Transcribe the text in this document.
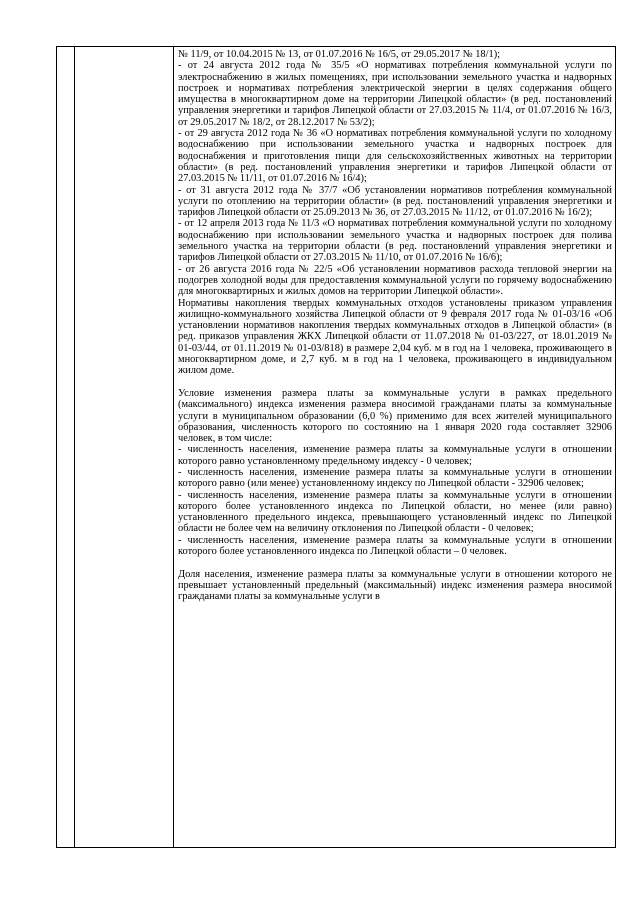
№ 11/9, от 10.04.2015 № 13, от 01.07.2016 № 16/5, от 29.05.2017 № 18/1);

- от 24 августа 2012 года № 35/5 «О нормативах потребления коммунальной услуги по электроснабжению в жилых помещениях, при использовании земельного участка и надворных построек и нормативах потребления электрической энергии в целях содержания общего имущества в многоквартирном доме на территории Липецкой области» (в ред. постановлений управления энергетики и тарифов Липецкой области от 27.03.2015 № 11/4, от 01.07.2016 № 16/3, от 29.05.2017 № 18/2, от 28.12.2017 № 53/2);

- от 29 августа 2012 года № 36 «О нормативах потребления коммунальной услуги по холодному водоснабжению при использовании земельного участка и надворных построек для водоснабжения и приготовления пищи для сельскохозяйственных животных на территории области» (в ред. постановлений управления энергетики и тарифов Липецкой области от 27.03.2015 № 11/11, от 01.07.2016 № 16/4);

- от 31 августа 2012 года № 37/7 «Об установлении нормативов потребления коммунальной услуги по отоплению на территории области» (в ред. постановлений управления энергетики и тарифов Липецкой области от 25.09.2013 № 36, от 27.03.2015 № 11/12, от 01.07.2016 № 16/2);

- от 12 апреля 2013 года № 11/3 «О нормативах потребления коммунальной услуги по холодному водоснабжению при использовании земельного участка и надворных построек для полива земельного участка на территории области (в ред. постановлений управления энергетики и тарифов Липецкой области от 27.03.2015 № 11/10, от 01.07.2016 № 16/6);

- от 26 августа 2016 года № 22/5 «Об установлении нормативов расхода тепловой энергии на подогрев холодной воды для предоставления коммунальной услуги по горячему водоснабжению для многоквартирных и жилых домов на территории Липецкой области».

Нормативы накопления твердых коммунальных отходов установлены приказом управления жилищно-коммунального хозяйства Липецкой области от 9 февраля 2017 года № 01-03/16 «Об установлении нормативов накопления твердых коммунальных отходов в Липецкой области» (в ред. приказов управления ЖКХ Липецкой области от 11.07.2018 № 01-03/227, от 18.01.2019 № 01-03/44, от 01.11.2019 № 01-03/818) в размере 2,04 куб. м в год на 1 человека, проживающего в многоквартирном доме, и 2,7 куб. м в год на 1 человека, проживающего в индивидуальном жилом доме.

Условие изменения размера платы за коммунальные услуги в рамках предельного (максимального) индекса изменения размера вносимой гражданами платы за коммунальные услуги в муниципальном образовании (6,0 %) применимо для всех жителей муниципального образования, численность которого по состоянию на 1 января 2020 года составляет 32906 человек, в том числе:

- численность населения, изменение размера платы за коммунальные услуги в отношении которого равно установленному предельному индексу - 0 человек;

- численность населения, изменение размера платы за коммунальные услуги в отношении которого равно (или менее) установленному индексу по Липецкой области - 32906 человек;

- численность населения, изменение размера платы за коммунальные услуги в отношении которого более установленного индекса по Липецкой области, но менее (или равно) установленного предельного индекса, превышающего установленный индекс по Липецкой области не более чем на величину отклонения по Липецкой области - 0 человек;

- численность населения, изменение размера платы за коммунальные услуги в отношении которого более установленного индекса по Липецкой области – 0 человек.

Доля населения, изменение размера платы за коммунальные услуги в отношении которого не превышает установленный предельный (максимальный) индекс изменения размера вносимой гражданами платы за коммунальные услуги в
